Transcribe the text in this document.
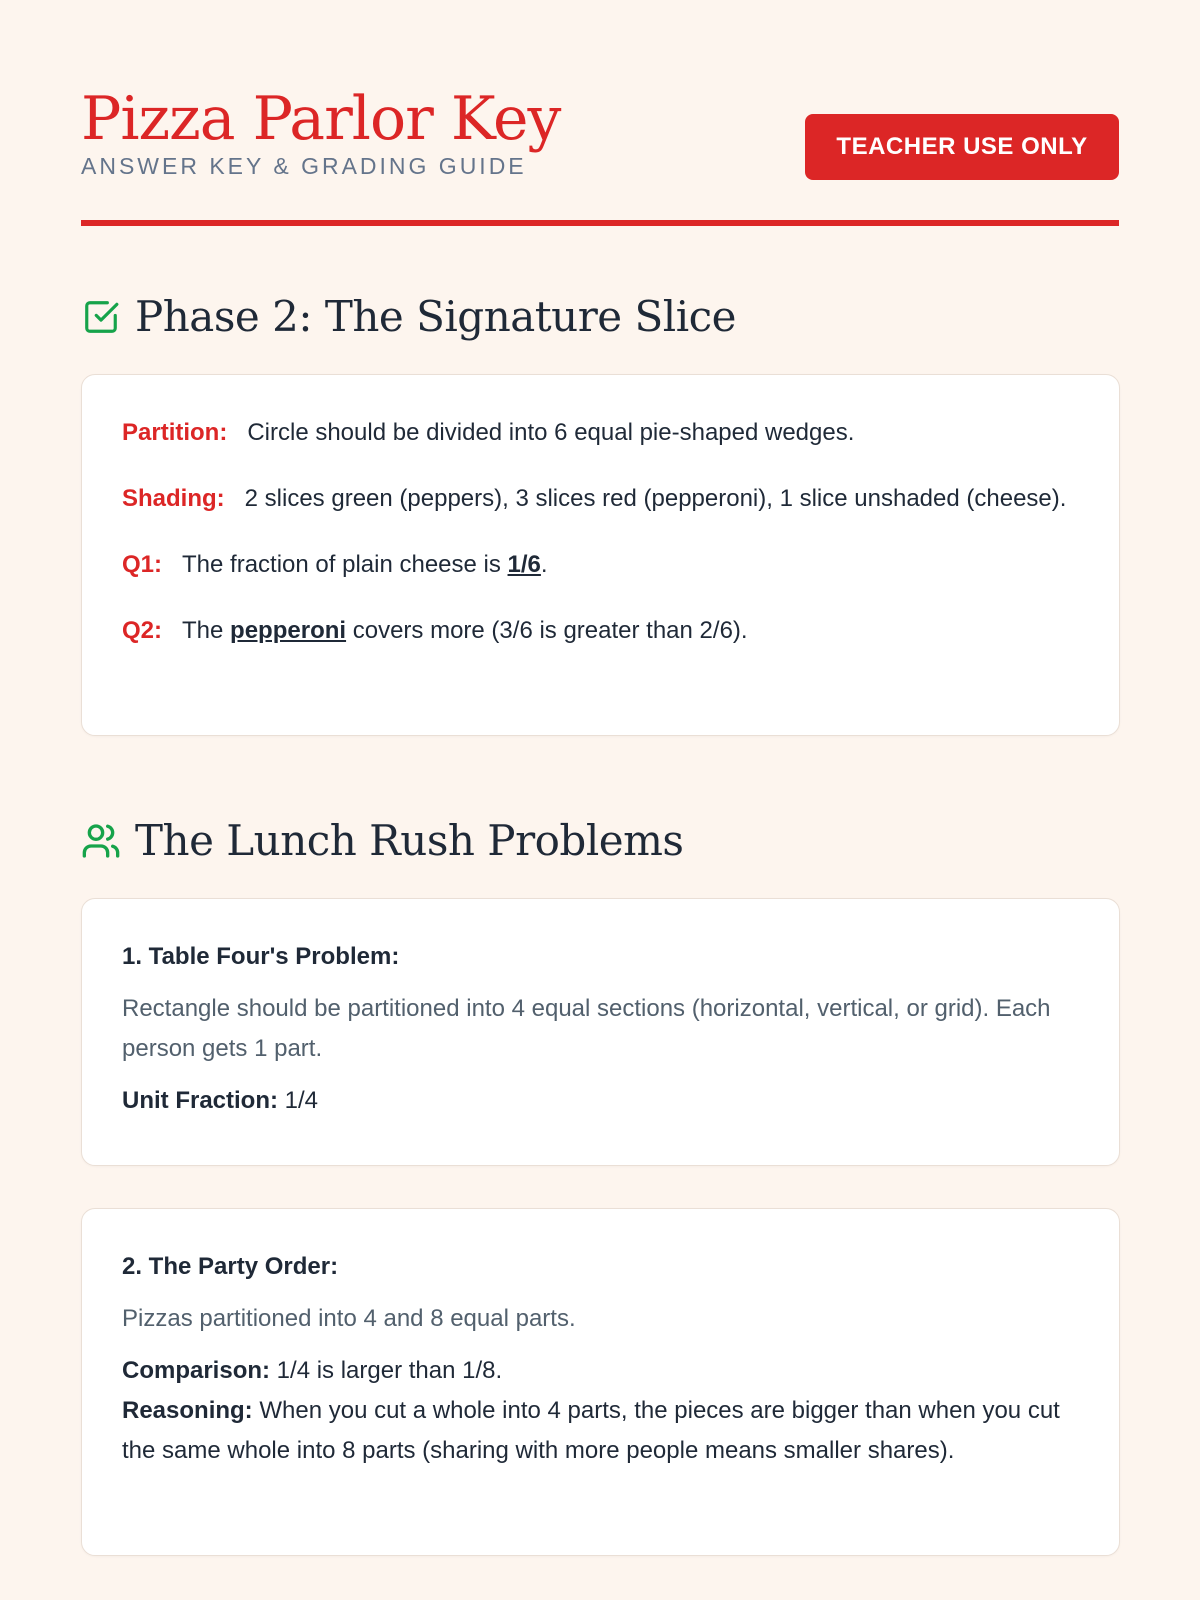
Pizza Parlor Key
ANSWER KEY & GRADING GUIDE
TEACHER USE ONLY
Phase 2: The Signature Slice
Partition: Circle should be divided into 6 equal pie-shaped wedges.
Shading: 2 slices green (peppers), 3 slices red (pepperoni), 1 slice unshaded (cheese).
Q1: The fraction of plain cheese is 1/6.
Q2: The pepperoni covers more (3/6 is greater than 2/6).
The Lunch Rush Problems
1. Table Four's Problem:
Rectangle should be partitioned into 4 equal sections (horizontal, vertical, or grid). Each person gets 1 part.
Unit Fraction: 1/4
2. The Party Order:
Pizzas partitioned into 4 and 8 equal parts.
Comparison: 1/4 is larger than 1/8.
Reasoning: When you cut a whole into 4 parts, the pieces are bigger than when you cut the same whole into 8 parts (sharing with more people means smaller shares).
